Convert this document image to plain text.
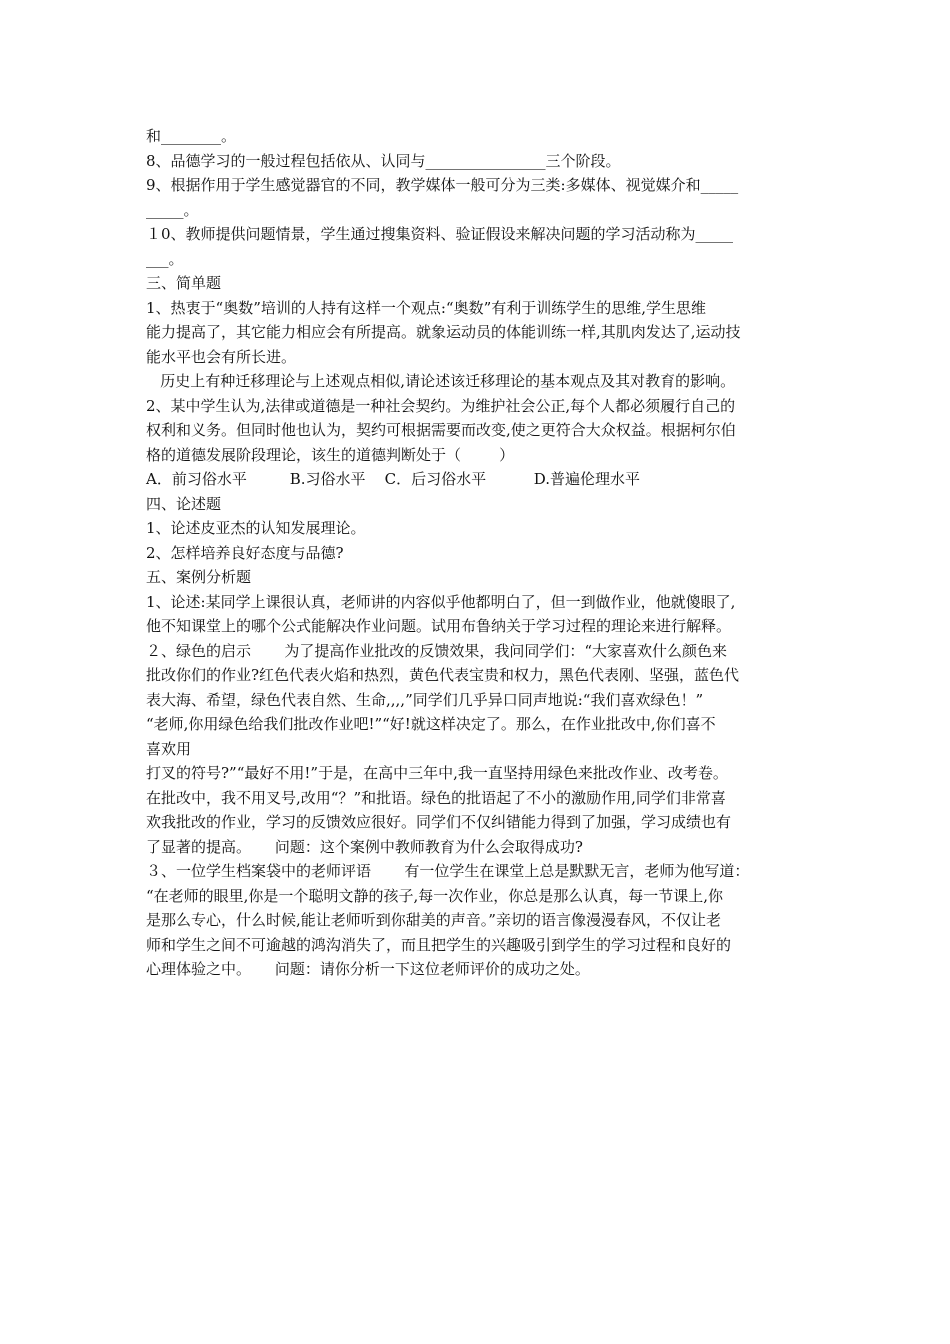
和________。
8、品德学习的一般过程包括依从、认同与________________三个阶段。
9、根据作用于学生感觉器官的不同，教学媒体一般可分为三类:多媒体、视觉媒介和_____
_____。
１0、教师提供问题情景，学生通过搜集资料、验证假设来解决问题的学习活动称为_____
___。
三、简单题
1、热衷于“奥数”培训的人持有这样一个观点:“奥数”有利于训练学生的思维,学生思维
能力提高了，其它能力相应会有所提高。就象运动员的体能训练一样,其肌肉发达了,运动技
能水平也会有所长进。
历史上有种迁移理论与上述观点相似,请论述该迁移理论的基本观点及其对教育的影响。
2、某中学生认为,法律或道德是一种社会契约。为维护社会公正,每个人都必须履行自己的
权利和义务。但同时他也认为，契约可根据需要而改变,使之更符合大众权益。根据柯尔伯
格的道德发展阶段理论，该生的道德判断处于（        ）
A．前习俗水平         B.习俗水平    C．后习俗水平          D.普遍伦理水平
四、论述题
1、论述皮亚杰的认知发展理论。
2、怎样培养良好态度与品德?
五、案例分析题
1、论述:某同学上课很认真，老师讲的内容似乎他都明白了，但一到做作业，他就傻眼了,
他不知课堂上的哪个公式能解决作业问题。试用布鲁纳关于学习过程的理论来进行解释。
２、绿色的启示       为了提高作业批改的反馈效果，我问同学们：“大家喜欢什么颜色来
批改你们的作业?红色代表火焰和热烈，黄色代表宝贵和权力，黑色代表刚、坚强，蓝色代
表大海、希望，绿色代表自然、生命,,,,”同学们几乎异口同声地说:“我们喜欢绿色！”
“老师,你用绿色给我们批改作业吧!”“好!就这样决定了。那么，在作业批改中,你们喜不
喜欢用
打叉的符号?”“最好不用!”于是，在高中三年中,我一直坚持用绿色来批改作业、改考卷。
在批改中，我不用叉号,改用“？”和批语。绿色的批语起了不小的激励作用,同学们非常喜
欢我批改的作业，学习的反馈效应很好。同学们不仅纠错能力得到了加强，学习成绩也有
了显著的提高。     问题：这个案例中教师教育为什么会取得成功?
３、一位学生档案袋中的老师评语       有一位学生在课堂上总是默默无言，老师为他写道：
“在老师的眼里,你是一个聪明文静的孩子,每一次作业，你总是那么认真，每一节课上,你
是那么专心，什么时候,能让老师听到你甜美的声音。”亲切的语言像漫漫春风，不仅让老
师和学生之间不可逾越的鸿沟消失了，而且把学生的兴趣吸引到学生的学习过程和良好的
心理体验之中。     问题：请你分析一下这位老师评价的成功之处。
